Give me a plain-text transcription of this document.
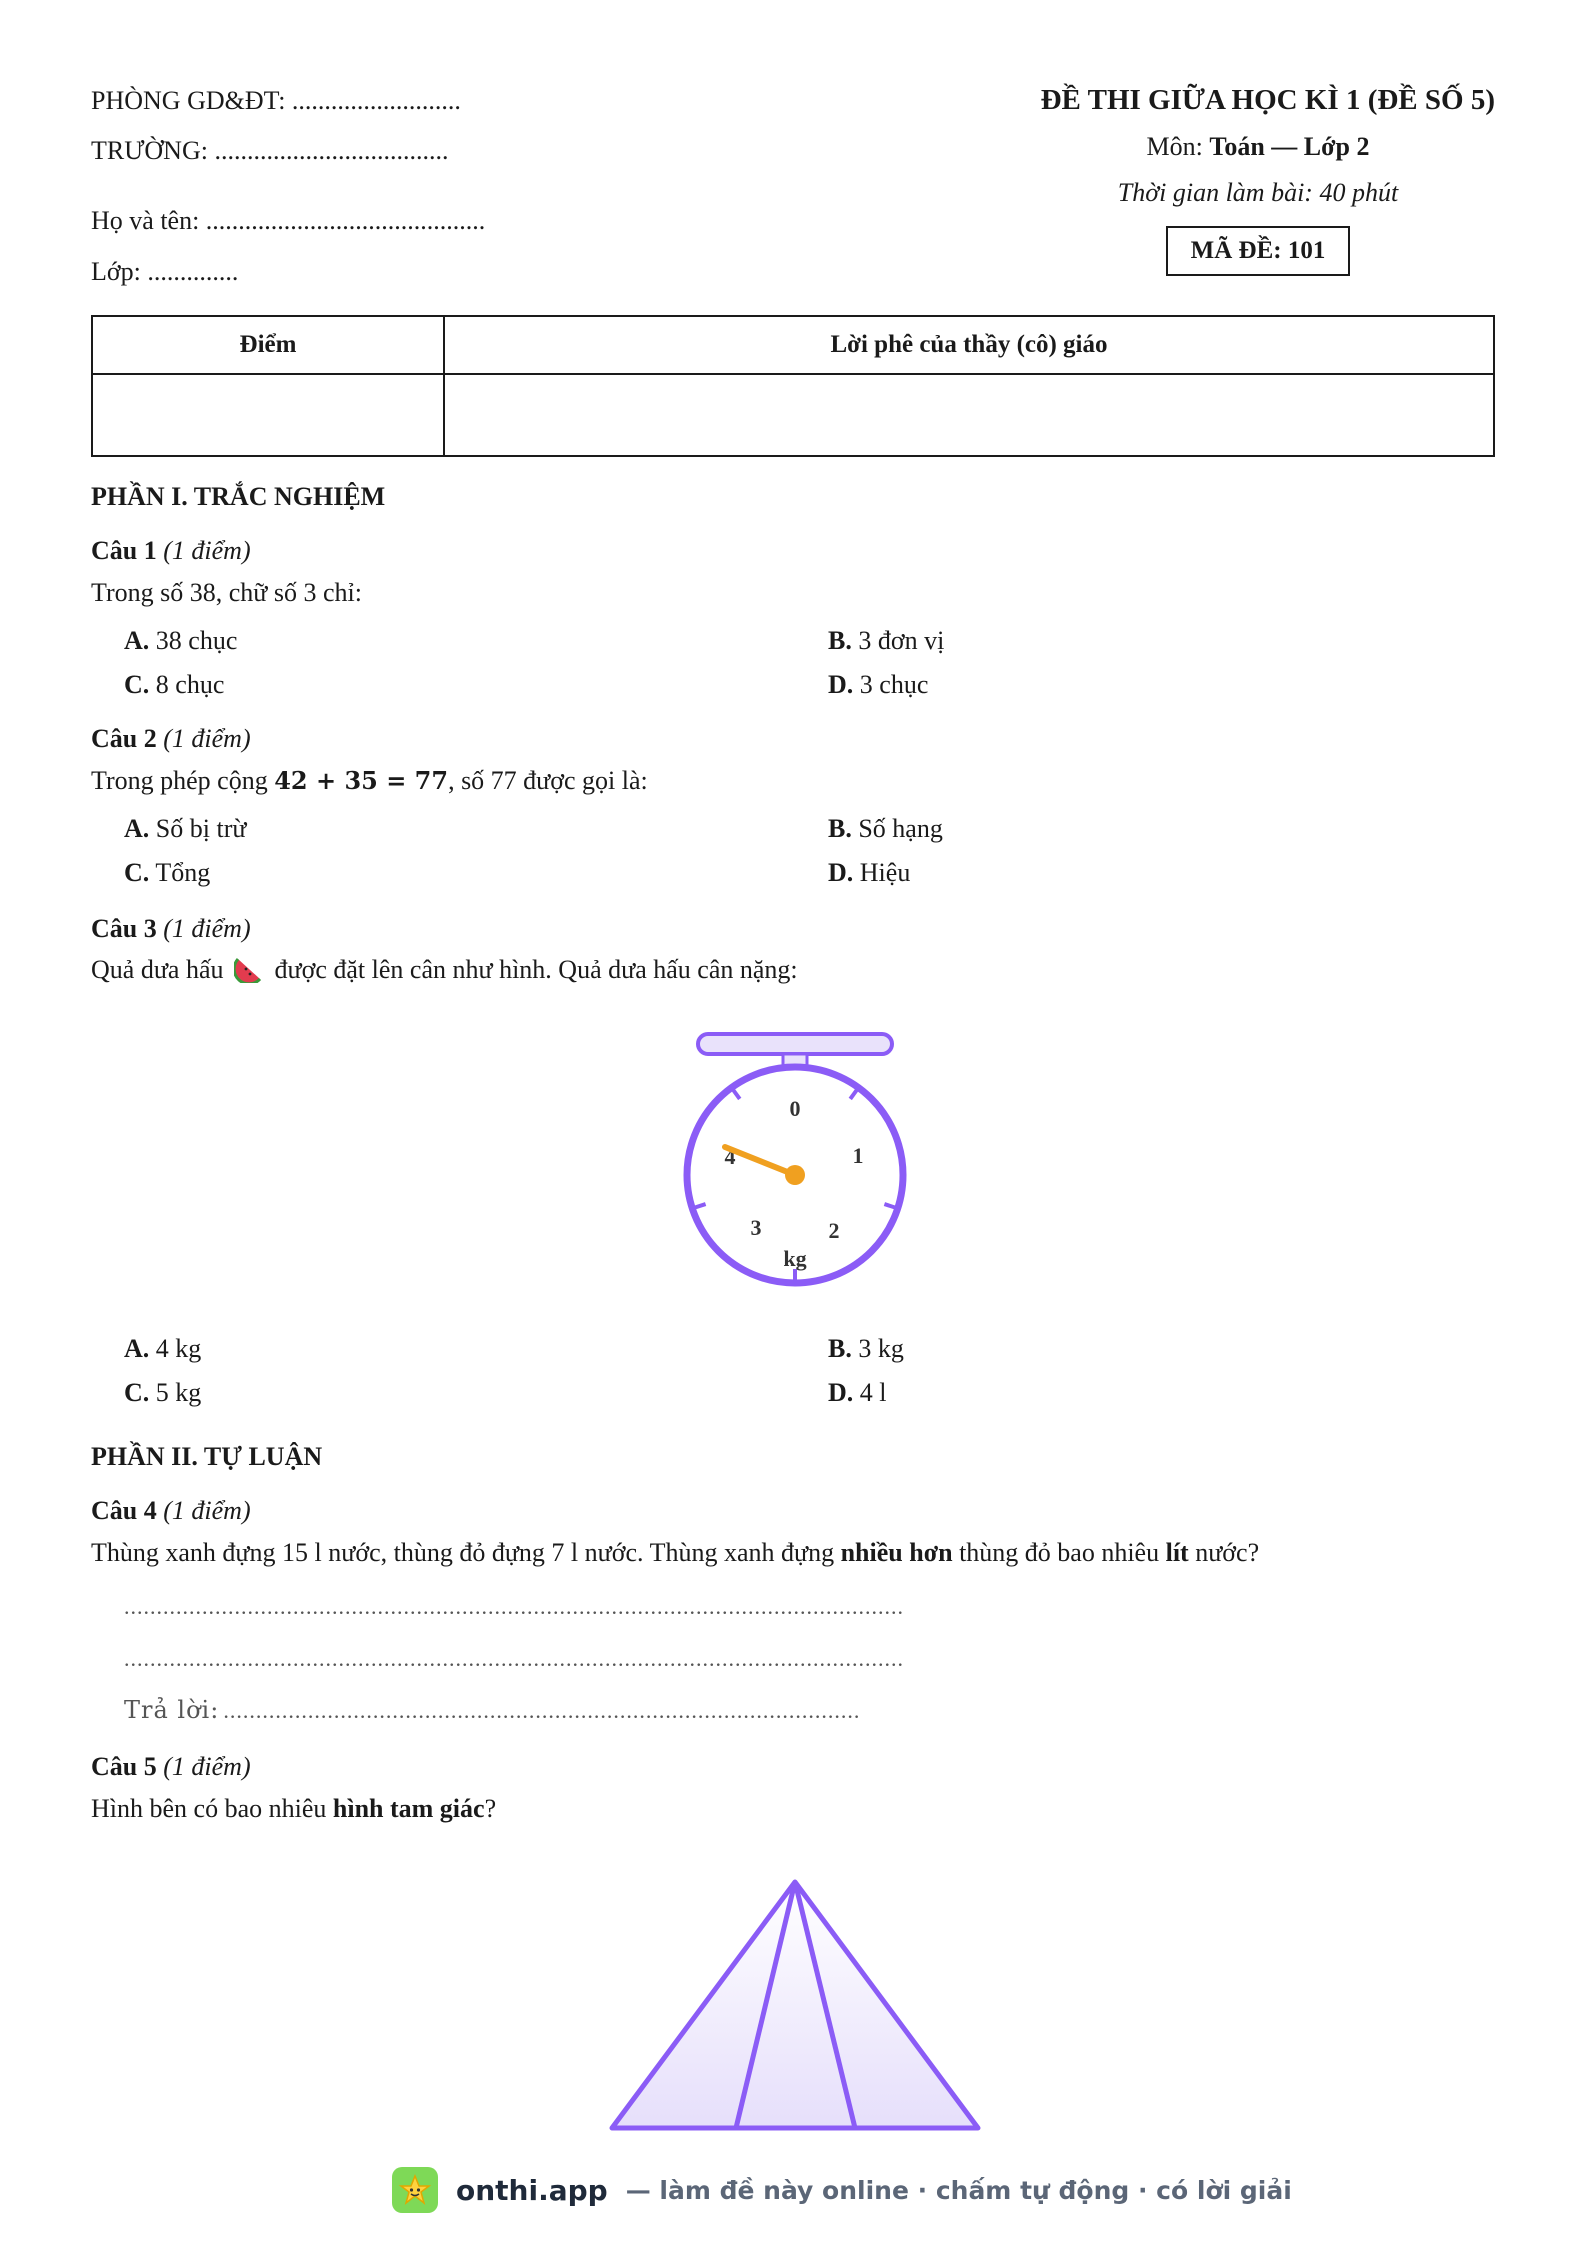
PHÒNG GD&ĐT: ..........................
TRƯỜNG: ....................................
Họ và tên: ...........................................
Lớp: ..............
ĐỀ THI GIỮA HỌC KÌ 1 (ĐỀ SỐ 5)
Môn: Toán — Lớp 2
Thời gian làm bài: 40 phút
MÃ ĐỀ: 101
Điểm	Lời phê của thầy (cô) giáo

PHẦN I. TRẮC NGHIỆM
Câu 1 (1 điểm)
Trong số 38, chữ số 3 chỉ:
A. 38 chục	B. 3 đơn vị
C. 8 chục	D. 3 chục
Câu 2 (1 điểm)
Trong phép cộng 42 + 35 = 77, số 77 được gọi là:
A. Số bị trừ	B. Số hạng
C. Tổng	D. Hiệu
Câu 3 (1 điểm)
Quả dưa hấu được đặt lên cân như hình. Quả dưa hấu cân nặng:
0
1
2
3
4
kg
A. 4 kg	B. 3 kg
C. 5 kg	D. 4 l
PHẦN II. TỰ LUẬN
Câu 4 (1 điểm)
Thùng xanh đựng 15 l nước, thùng đỏ đựng 7 l nước. Thùng xanh đựng nhiều hơn thùng đỏ bao nhiêu lít nước?
........................................................................................................................
........................................................................................................................
Trả lời: ..................................................................................................
Câu 5 (1 điểm)
Hình bên có bao nhiêu hình tam giác?
onthi.app — làm đề này online · chấm tự động · có lời giải
